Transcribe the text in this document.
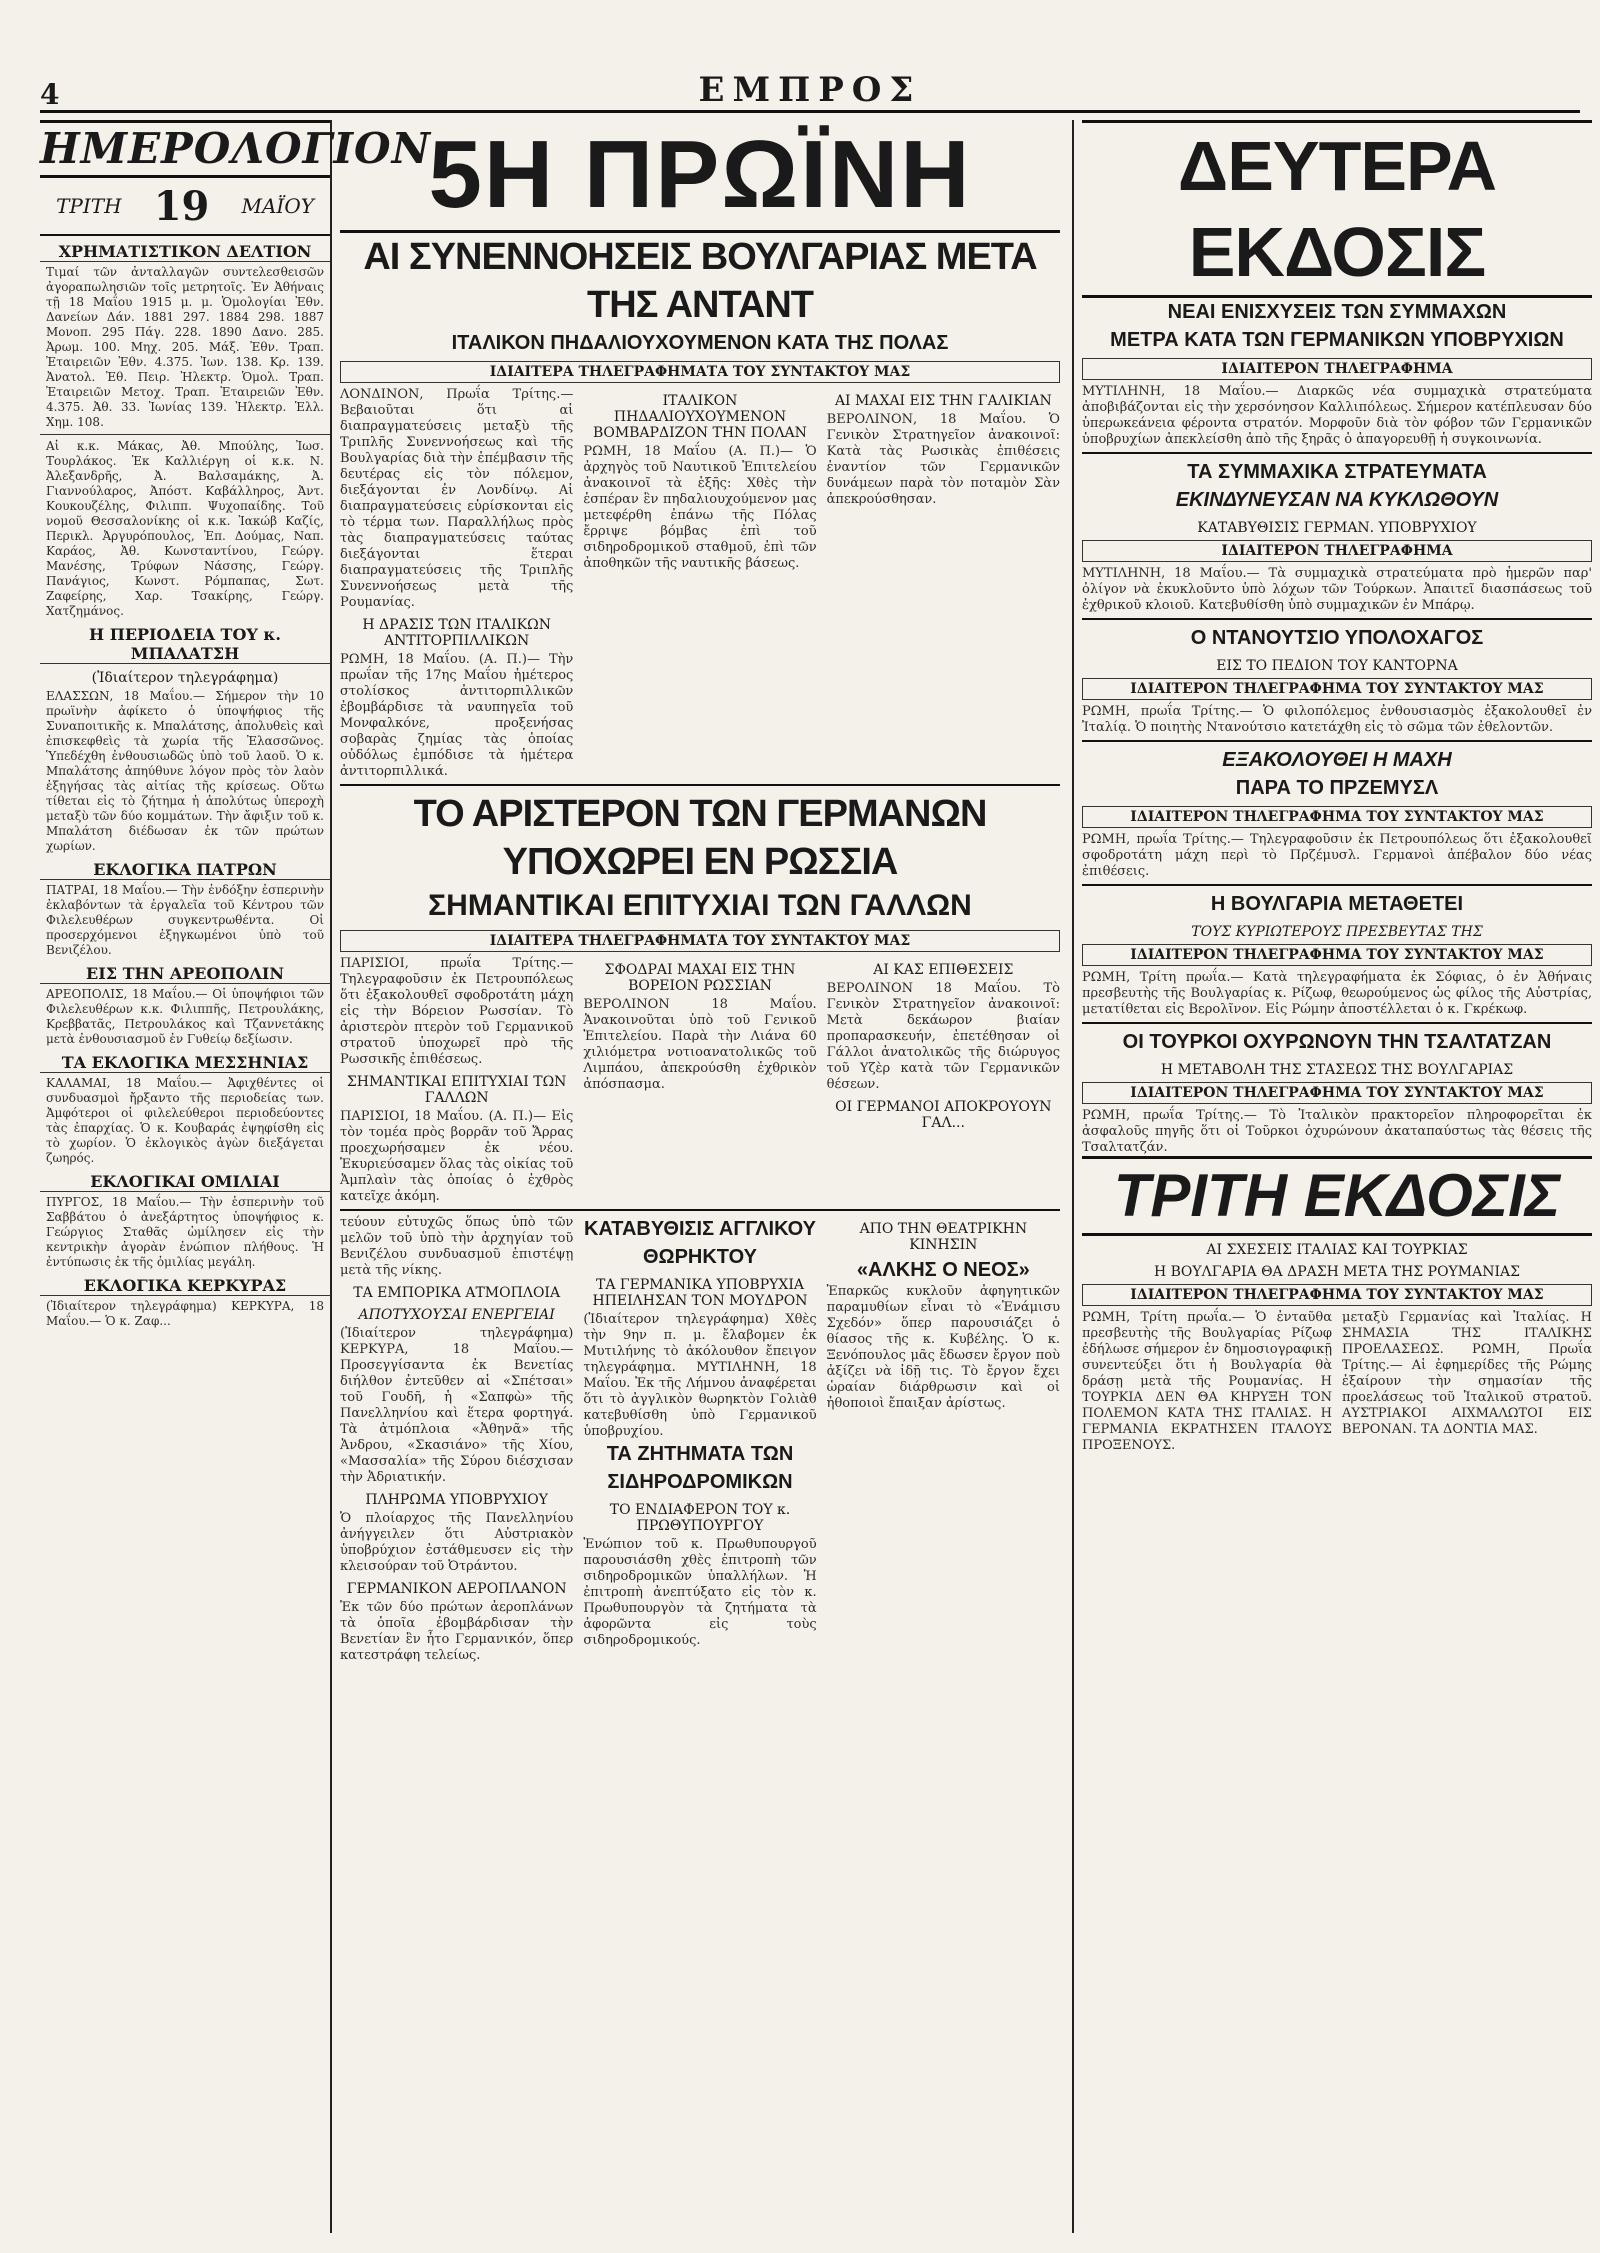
4	ΕΜΠΡΟΣ
ΗΜΕΡΟΛΟΓΙΟΝ
ΤΡΙΤΗ 19 ΜΑΪΟΥ
ΧΡΗΜΑΤΙΣΤΙΚΟΝ ΔΕΛΤΙΟΝ
Τιμαί τῶν ἀνταλλαγῶν συντελεσθεισῶν ἀγοραπωλησιῶν τοῖς μετρητοῖς. Ἐν Ἀθήναις τῇ 18 Μαΐου 1915 μ. μ. Ὁμολογίαι Ἐθν. Δανείων Δάν. 1881 297. 1884 298. 1887 Μονοπ. 295 Πάγ. 228. 1890 Δανο. 285. Ἀρωμ. 100. Μηχ. 205. Μάξ. Ἐθν. Τραπ. Ἐταιρειῶν Ἐθν. 4.375. Ἰων. 138. Κρ. 139. Ἀνατολ. Ἐθ. Πειρ. Ἠλεκτρ. Ὁμολ. Τραπ. Ἐταιρειῶν Μετοχ. Τραπ. Ἐταιρειῶν Ἐθν. 4.375. Ἀθ. 33. Ἰωνίας 139. Ἠλεκτρ. Ἑλλ. Χημ. 108.
Αἱ κ.κ. Μάκας, Ἀθ. Μπούλης, Ἰωσ. Τουρλάκος. Ἐκ Καλλιέργη οἱ κ.κ. Ν. Ἀλεξανδρῆς, Ἀ. Βαλσαμάκης, Ἀ. Γιαννούλαρος, Ἀπόστ. Καβάλληρος, Ἀντ. Κουκουζέλης, Φιλιππ. Ψυχοπαίδης. Τοῦ νομοῦ Θεσσαλονίκης οἱ κ.κ. Ἰακώβ Καζίς, Περικλ. Ἀργυρόπουλος, Ἐπ. Δούμας, Ναπ. Καράος, Ἀθ. Κωνσταντίνου, Γεώργ. Μανέσης, Τρύφων Νάσσης, Γεώργ. Πανάγιος, Κωνστ. Ρόμπαπας, Σωτ. Ζαφείρης, Χαρ. Τσακίρης, Γεώργ. Χατζημάνος.
Η ΠΕΡΙΟΔΕΙΑ ΤΟΥ κ. ΜΠΑΛΑΤΣΗ
(Ἰδιαίτερον τηλεγράφημα)
ΕΛΑΣΣΩΝ, 18 Μαΐου.— Σήμερον τὴν 10 πρωϊνὴν ἀφίκετο ὁ ὑποψήφιος τῆς Συναποιτικῆς κ. Μπαλάτσης, ἀπολυθεὶς καὶ ἐπισκεφθεὶς τὰ χωρία τῆς Ἐλασσῶνος. Ὑπεδέχθη ἐνθουσιωδῶς ὑπὸ τοῦ λαοῦ. Ὁ κ. Μπαλάτσης ἀπηύθυνε λόγον πρὸς τὸν λαὸν ἐξηγήσας τὰς αἰτίας τῆς κρίσεως. Οὕτω τίθεται εἰς τὸ ζήτημα ἡ ἀπολύτως ὑπεροχὴ μεταξὺ τῶν δύο κομμάτων. Τὴν ἄφιξιν τοῦ κ. Μπαλάτση διέδωσαν ἐκ τῶν πρώτων χωρίων.
ΕΚΛΟΓΙΚΑ ΠΑΤΡΩΝ
ΠΑΤΡΑΙ, 18 Μαΐου.— Τὴν ἐνδόξην ἐσπερινὴν ἐκλαβόντων τὰ ἐργαλεῖα τοῦ Κέντρου τῶν Φιλελευθέρων συγκεντρωθέντα. Οἱ προσερχόμενοι ἐξηγκωμένοι ὑπὸ τοῦ Βενιζέλου.
ΕΙΣ ΤΗΝ ΑΡΕΟΠΟΛΙΝ
ΑΡΕΟΠΟΛΙΣ, 18 Μαΐου.— Οἱ ὑποψήφιοι τῶν Φιλελευθέρων κ.κ. Φιλιππῆς, Πετρουλάκης, Κρεββατᾶς, Πετρουλάκος καὶ Τζαννετάκης μετὰ ἐνθουσιασμοῦ ἐν Γυθείῳ δεξίωσιν.
ΤΑ ΕΚΛΟΓΙΚΑ ΜΕΣΣΗΝΙΑΣ
ΚΑΛΑΜΑΙ, 18 Μαΐου.— Ἀφιχθέντες οἱ συνδυασμοὶ ἤρξαντο τῆς περιοδείας των. Ἀμφότεροι οἱ φιλελεύθεροι περιοδεύοντες τὰς ἐπαρχίας. Ὁ κ. Κουβαράς ἐψηφίσθη εἰς τὸ χωρίον. Ὁ ἐκλογικὸς ἀγὼν διεξάγεται ζωηρός.
ΕΚΛΟΓΙΚΑΙ ΟΜΙΛΙΑΙ
ΠΥΡΓΟΣ, 18 Μαΐου.— Τὴν ἑσπερινὴν τοῦ Σαββάτου ὁ ἀνεξάρτητος ὑποψήφιος κ. Γεώργιος Σταθᾶς ὡμίλησεν εἰς τὴν κεντρικὴν ἀγορὰν ἐνώπιον πλήθους. Ἡ ἐντύπωσις ἐκ τῆς ὁμιλίας μεγάλη.
ΕΚΛΟΓΙΚΑ ΚΕΡΚΥΡΑΣ
(Ἰδιαίτερον τηλεγράφημα) ΚΕΡΚΥΡΑ, 18 Μαΐου.— Ὁ κ. Ζαφ...
5Η ΠΡΩΪΝΗ
ΑΙ ΣΥΝΕΝΝΟΗΣΕΙΣ ΒΟΥΛΓΑΡΙΑΣ ΜΕΤΑ ΤΗΣ ΑΝΤΑΝΤ
ΙΤΑΛΙΚΟΝ ΠΗΔΑΛΙΟΥΧΟΥΜΕΝΟΝ ΚΑΤΑ ΤΗΣ ΠΟΛΑΣ
ΙΔΙΑΙΤΕΡΑ ΤΗΛΕΓΡΑΦΗΜΑΤΑ ΤΟΥ ΣΥΝΤΑΚΤΟΥ ΜΑΣ
ΛΟΝΔΙΝΟΝ, Πρωΐα Τρίτης.— Βεβαιοῦται ὅτι αἱ διαπραγματεύσεις μεταξὺ τῆς Τριπλῆς Συνεννοήσεως καὶ τῆς Βουλγαρίας διὰ τὴν ἐπέμβασιν τῆς δευτέρας εἰς τὸν πόλεμον, διεξάγονται ἐν Λονδίνῳ. Αἱ διαπραγματεύσεις εὑρίσκονται εἰς τὸ τέρμα των. Παραλλήλως πρὸς τὰς διαπραγματεύσεις ταύτας διεξάγονται ἕτεραι διαπραγματεύσεις τῆς Τριπλῆς Συνεννοήσεως μετὰ τῆς Ρουμανίας.
Η ΔΡΑΣΙΣ ΤΩΝ ΙΤΑΛΙΚΩΝ ΑΝΤΙΤΟΡΠΙΛΛΙΚΩΝ
ΡΩΜΗ, 18 Μαΐου. (Α. Π.)— Τὴν πρωΐαν τῆς 17ης Μαΐου ἡμέτερος στολίσκος ἀντιτορπιλλικῶν ἐβομβάρδισε τὰ ναυπηγεῖα τοῦ Μονφαλκόνε, προξενήσας σοβαρὰς ζημίας τὰς ὁποίας οὐδόλως ἐμπόδισε τὰ ἡμέτερα ἀντιτορπιλλικά.
ΙΤΑΛΙΚΟΝ ΠΗΔΑΛΙΟΥΧΟΥΜΕΝΟΝ ΒΟΜΒΑΡΔΙΖΟΝ ΤΗΝ ΠΟΛΑΝ
ΡΩΜΗ, 18 Μαΐου (Α. Π.)— Ὁ ἀρχηγὸς τοῦ Ναυτικοῦ Ἐπιτελείου ἀνακοινοῖ τὰ ἑξῆς: Χθὲς τὴν ἑσπέραν ἓν πηδαλιουχούμενον μας μετεφέρθη ἐπάνω τῆς Πόλας ἔρριψε βόμβας ἐπὶ τοῦ σιδηροδρομικοῦ σταθμοῦ, ἐπὶ τῶν ἀποθηκῶν τῆς ναυτικῆς βάσεως.
ΑΙ ΜΑΧΑΙ ΕΙΣ ΤΗΝ ΓΑΛΙΚΙΑΝ
ΒΕΡΟΛΙΝΟΝ, 18 Μαΐου. Ὁ Γενικὸν Στρατηγεῖον ἀνακοινοῖ: Κατὰ τὰς Ρωσικὰς ἐπιθέσεις ἐναντίον τῶν Γερμανικῶν δυνάμεων παρὰ τὸν ποταμὸν Σὰν ἀπεκρούσθησαν.
ΤΟ ΑΡΙΣΤΕΡΟΝ ΤΩΝ ΓΕΡΜΑΝΩΝ ΥΠΟΧΩΡΕΙ ΕΝ ΡΩΣΣΙΑ
ΣΗΜΑΝΤΙΚΑΙ ΕΠΙΤΥΧΙΑΙ ΤΩΝ ΓΑΛΛΩΝ
ΙΔΙΑΙΤΕΡΑ ΤΗΛΕΓΡΑΦΗΜΑΤΑ ΤΟΥ ΣΥΝΤΑΚΤΟΥ ΜΑΣ
ΠΑΡΙΣΙΟΙ, πρωΐα Τρίτης.— Τηλεγραφοῦσιν ἐκ Πετρουπόλεως ὅτι ἐξακολουθεῖ σφοδροτάτη μάχη εἰς τὴν Βόρειον Ρωσσίαν. Τὸ ἀριστερὸν πτερὸν τοῦ Γερμανικοῦ στρατοῦ ὑποχωρεῖ πρὸ τῆς Ρωσσικῆς ἐπιθέσεως.
ΣΗΜΑΝΤΙΚΑΙ ΕΠΙΤΥΧΙΑΙ ΤΩΝ ΓΑΛΛΩΝ
ΠΑΡΙΣΙΟΙ, 18 Μαΐου. (Α. Π.)— Εἰς τὸν τομέα πρὸς βορρᾶν τοῦ Ἄρρας προεχωρήσαμεν ἐκ νέου. Ἐκυριεύσαμεν ὅλας τὰς οἰκίας τοῦ Ἀμπλαὶν τὰς ὁποίας ὁ ἐχθρὸς κατεῖχε ἀκόμη.
ΣΦΟΔΡΑΙ ΜΑΧΑΙ ΕΙΣ ΤΗΝ ΒΟΡΕΙΟΝ ΡΩΣΣΙΑΝ
ΒΕΡΟΛΙΝΟΝ 18 Μαΐου. Ἀνακοινοῦται ὑπὸ τοῦ Γενικοῦ Ἐπιτελείου. Παρὰ τὴν Λιάνα 60 χιλιόμετρα νοτιοανατολικῶς τοῦ Λιμπάου, ἀπεκρούσθη ἐχθρικὸν ἀπόσπασμα.
ΑΙ ΚΑΣ ΕΠΙΘΕΣΕΙΣ
ΒΕΡΟΛΙΝΟΝ 18 Μαΐου. Τὸ Γενικὸν Στρατηγεῖον ἀνακοινοῖ: Μετὰ δεκάωρον βιαίαν προπαρασκευήν, ἐπετέθησαν οἱ Γάλλοι ἀνατολικῶς τῆς διώρυγος τοῦ Υζὲρ κατὰ τῶν Γερμανικῶν θέσεων.
ΟΙ ΓΕΡΜΑΝΟΙ ΑΠΟΚΡΟΥΟΥΝ ΓΑΛ...
τεύουν εὐτυχῶς ὅπως ὑπὸ τῶν μελῶν τοῦ ὑπὸ τὴν ἀρχηγίαν τοῦ Βενιζέλου συνδυασμοῦ ἐπιστέψῃ μετὰ τῆς νίκης.
ΤΑ ΕΜΠΟΡΙΚΑ ΑΤΜΟΠΛΟΙΑ
ΑΠΟΤΥΧΟΥΣΑΙ ΕΝΕΡΓΕΙΑΙ
(Ἰδιαίτερον τηλεγράφημα) ΚΕΡΚΥΡΑ, 18 Μαΐου.— Προσεγγίσαντα ἐκ Βενετίας διήλθον ἐντεῦθεν αἱ «Σπέτσαι» τοῦ Γουδῆ, ἡ «Σαπφὼ» τῆς Πανελληνίου καὶ ἕτερα φορτηγά. Τὰ ἀτμόπλοια «Ἀθηνᾶ» τῆς Ἀνδρου, «Σκασιάνο» τῆς Χίου, «Μασσαλία» τῆς Σύρου διέσχισαν τὴν Ἀδριατικήν.
ΠΛΗΡΩΜΑ ΥΠΟΒΡΥΧΙΟΥ
Ὁ πλοίαρχος τῆς Πανελληνίου ἀνήγγειλεν ὅτι Αὐστριακὸν ὑποβρύχιον ἐστάθμευσεν εἰς τὴν κλεισούραν τοῦ Ὀτράντου.
ΓΕΡΜΑΝΙΚΟΝ ΑΕΡΟΠΛΑΝΟΝ
Ἐκ τῶν δύο πρώτων ἀεροπλάνων τὰ ὁποῖα ἐβομβάρδισαν τὴν Βενετίαν ἓν ἦτο Γερμανικόν, ὅπερ κατεστράφη τελείως.
ΚΑΤΑΒΥΘΙΣΙΣ ΑΓΓΛΙΚΟΥ ΘΩΡΗΚΤΟΥ
ΤΑ ΓΕΡΜΑΝΙΚΑ ΥΠΟΒΡΥΧΙΑ ΗΠΕΙΛΗΣΑΝ ΤΟΝ ΜΟΥΔΡΟΝ
(Ἰδιαίτερον τηλεγράφημα) Χθὲς τὴν 9ην π. μ. ἔλαβομεν ἐκ Μυτιλήνης τὸ ἀκόλουθον ἔπειγον τηλεγράφημα. ΜΥΤΙΛΗΝΗ, 18 Μαΐου. Ἐκ τῆς Λήμνου ἀναφέρεται ὅτι τὸ ἀγγλικὸν θωρηκτὸν Γολιὰθ κατεβυθίσθη ὑπὸ Γερμανικοῦ ὑποβρυχίου.
ΤΑ ΖΗΤΗΜΑΤΑ ΤΩΝ ΣΙΔΗΡΟΔΡΟΜΙΚΩΝ
ΤΟ ΕΝΔΙΑΦΕΡΟΝ ΤΟΥ κ. ΠΡΩΘΥΠΟΥΡΓΟΥ
Ἐνώπιον τοῦ κ. Πρωθυπουργοῦ παρουσιάσθη χθὲς ἐπιτροπὴ τῶν σιδηροδρομικῶν ὑπαλλήλων. Ἡ ἐπιτροπὴ ἀνεπτύξατο εἰς τὸν κ. Πρωθυπουργὸν τὰ ζητήματα τὰ ἀφορῶντα εἰς τοὺς σιδηροδρομικούς.
ΑΠΟ ΤΗΝ ΘΕΑΤΡΙΚΗΝ ΚΙΝΗΣΙΝ
«ΑΛΚΗΣ Ο ΝΕΟΣ»
Ἐπαρκῶς κυκλοῦν ἀφηγητικῶν παραμυθίων εἶναι τὸ «Ἐνάμισυ Σχεδόν» ὅπερ παρουσιάζει ὁ θίασος τῆς κ. Κυβέλης. Ὁ κ. Ξενόπουλος μᾶς ἔδωσεν ἔργον ποὺ ἀξίζει νὰ ἰδῇ τις. Τὸ ἔργον ἔχει ὡραίαν διάρθρωσιν καὶ οἱ ἠθοποιοὶ ἔπαιξαν ἀρίστως.
ΔΕΥΤΕΡΑ ΕΚΔΟΣΙΣ
ΝΕΑΙ ΕΝΙΣΧΥΣΕΙΣ ΤΩΝ ΣΥΜΜΑΧΩΝ
ΜΕΤΡΑ ΚΑΤΑ ΤΩΝ ΓΕΡΜΑΝΙΚΩΝ ΥΠΟΒΡΥΧΙΩΝ
ΙΔΙΑΙΤΕΡΟΝ ΤΗΛΕΓΡΑΦΗΜΑ
ΜΥΤΙΛΗΝΗ, 18 Μαΐου.— Διαρκῶς νέα συμμαχικὰ στρατεύματα ἀποβιβάζονται εἰς τὴν χερσόνησον Καλλιπόλεως. Σήμερον κατέπλευσαν δύο ὑπερωκεάνεια φέροντα στρατόν. Μορφοῦν διὰ τὸν φόβον τῶν Γερμανικῶν ὑποβρυχίων ἀπεκλείσθη ἀπὸ τῆς ξηρᾶς ὁ ἀπαγορευθῇ ἡ συγκοινωνία.
ΤΑ ΣΥΜΜΑΧΙΚΑ ΣΤΡΑΤΕΥΜΑΤΑ
ΕΚΙΝΔΥΝΕΥΣΑΝ ΝΑ ΚΥΚΛΩΘΟΥΝ
ΚΑΤΑΒΥΘΙΣΙΣ ΓΕΡΜΑΝ. ΥΠΟΒΡΥΧΙΟΥ
ΙΔΙΑΙΤΕΡΟΝ ΤΗΛΕΓΡΑΦΗΜΑ
ΜΥΤΙΛΗΝΗ, 18 Μαΐου.— Τὰ συμμαχικὰ στρατεύματα πρὸ ἡμερῶν παρ' ὀλίγον νὰ ἐκυκλοῦντο ὑπὸ λόχων τῶν Τούρκων. Ἀπαιτεῖ διασπάσεως τοῦ ἐχθρικοῦ κλοιοῦ. Κατεβυθίσθη ὑπὸ συμμαχικῶν ἐν Μπάρῳ.
Ο ΝΤΑΝΟΥΤΣΙΟ ΥΠΟΛΟΧΑΓΟΣ
ΕΙΣ ΤΟ ΠΕΔΙΟΝ ΤΟΥ ΚΑΝΤΟΡΝΑ
ΙΔΙΑΙΤΕΡΟΝ ΤΗΛΕΓΡΑΦΗΜΑ ΤΟΥ ΣΥΝΤΑΚΤΟΥ ΜΑΣ
ΡΩΜΗ, πρωΐα Τρίτης.— Ὁ φιλοπόλεμος ἐνθουσιασμὸς ἐξακολουθεῖ ἐν Ἰταλίᾳ. Ὁ ποιητὴς Ντανούτσιο κατετάχθη εἰς τὸ σῶμα τῶν ἐθελοντῶν.
ΕΞΑΚΟΛΟΥΘΕΙ Η ΜΑΧΗ
ΠΑΡΑ ΤΟ ΠΡΖΕΜΥΣΛ
ΙΔΙΑΙΤΕΡΟΝ ΤΗΛΕΓΡΑΦΗΜΑ ΤΟΥ ΣΥΝΤΑΚΤΟΥ ΜΑΣ
ΡΩΜΗ, πρωΐα Τρίτης.— Τηλεγραφοῦσιν ἐκ Πετρουπόλεως ὅτι ἐξακολουθεῖ σφοδροτάτη μάχη περὶ τὸ Πρζέμυσλ. Γερμανοὶ ἀπέβαλον δύο νέας ἐπιθέσεις.
Η ΒΟΥΛΓΑΡΙΑ ΜΕΤΑΘΕΤΕΙ
ΤΟΥΣ ΚΥΡΙΩΤΕΡΟΥΣ ΠΡΕΣΒΕΥΤΑΣ ΤΗΣ
ΙΔΙΑΙΤΕΡΟΝ ΤΗΛΕΓΡΑΦΗΜΑ ΤΟΥ ΣΥΝΤΑΚΤΟΥ ΜΑΣ
ΡΩΜΗ, Τρίτη πρωΐα.— Κατὰ τηλεγραφήματα ἐκ Σόφιας, ὁ ἐν Ἀθήναις πρεσβευτὴς τῆς Βουλγαρίας κ. Ρίζωφ, θεωρούμενος ὡς φίλος τῆς Αὐστρίας, μετατίθεται εἰς Βερολῖνον. Εἰς Ρώμην ἀποστέλλεται ὁ κ. Γκρέκωφ.
ΟΙ ΤΟΥΡΚΟΙ ΟΧΥΡΩΝΟΥΝ ΤΗΝ ΤΣΑΛΤΑΤΖΑΝ
Η ΜΕΤΑΒΟΛΗ ΤΗΣ ΣΤΑΣΕΩΣ ΤΗΣ ΒΟΥΛΓΑΡΙΑΣ
ΙΔΙΑΙΤΕΡΟΝ ΤΗΛΕΓΡΑΦΗΜΑ ΤΟΥ ΣΥΝΤΑΚΤΟΥ ΜΑΣ
ΡΩΜΗ, πρωΐα Τρίτης.— Τὸ Ἰταλικὸν πρακτορεῖον πληροφορεῖται ἐκ ἀσφαλοῦς πηγῆς ὅτι οἱ Τοῦρκοι ὀχυρώνουν ἀκαταπαύστως τὰς θέσεις τῆς Τσαλτατζάν.
ΤΡΙΤΗ ΕΚΔΟΣΙΣ
ΑΙ ΣΧΕΣΕΙΣ ΙΤΑΛΙΑΣ ΚΑΙ ΤΟΥΡΚΙΑΣ
Η ΒΟΥΛΓΑΡΙΑ ΘΑ ΔΡΑΣΗ ΜΕΤΑ ΤΗΣ ΡΟΥΜΑΝΙΑΣ
ΙΔΙΑΙΤΕΡΟΝ ΤΗΛΕΓΡΑΦΗΜΑ ΤΟΥ ΣΥΝΤΑΚΤΟΥ ΜΑΣ
ΡΩΜΗ, Τρίτη πρωΐα.— Ὁ ἐνταῦθα πρεσβευτὴς τῆς Βουλγαρίας Ρίζωφ ἐδήλωσε σήμερον ἐν δημοσιογραφικῇ συνεντεύξει ὅτι ἡ Βουλγαρία θὰ δράσῃ μετὰ τῆς Ρουμανίας. Η ΤΟΥΡΚΙΑ ΔΕΝ ΘΑ ΚΗΡΥΞΗ ΤΟΝ ΠΟΛΕΜΟΝ ΚΑΤΑ ΤΗΣ ΙΤΑΛΙΑΣ. Η ΓΕΡΜΑΝΙΑ ΕΚΡΑΤΗΣΕΝ ΙΤΑΛΟΥΣ ΠΡΟΞΕΝΟΥΣ.
μεταξὺ Γερμανίας καὶ Ἰταλίας. Η ΣΗΜΑΣΙΑ ΤΗΣ ΙΤΑΛΙΚΗΣ ΠΡΟΕΛΑΣΕΩΣ. ΡΩΜΗ, Πρωΐα Τρίτης.— Αἱ ἐφημερίδες τῆς Ρώμης ἐξαίρουν τὴν σημασίαν τῆς προελάσεως τοῦ Ἰταλικοῦ στρατοῦ. ΑΥΣΤΡΙΑΚΟΙ ΑΙΧΜΑΛΩΤΟΙ ΕΙΣ ΒΕΡΟΝΑΝ. ΤΑ ΔΟΝΤΙΑ ΜΑΣ.
